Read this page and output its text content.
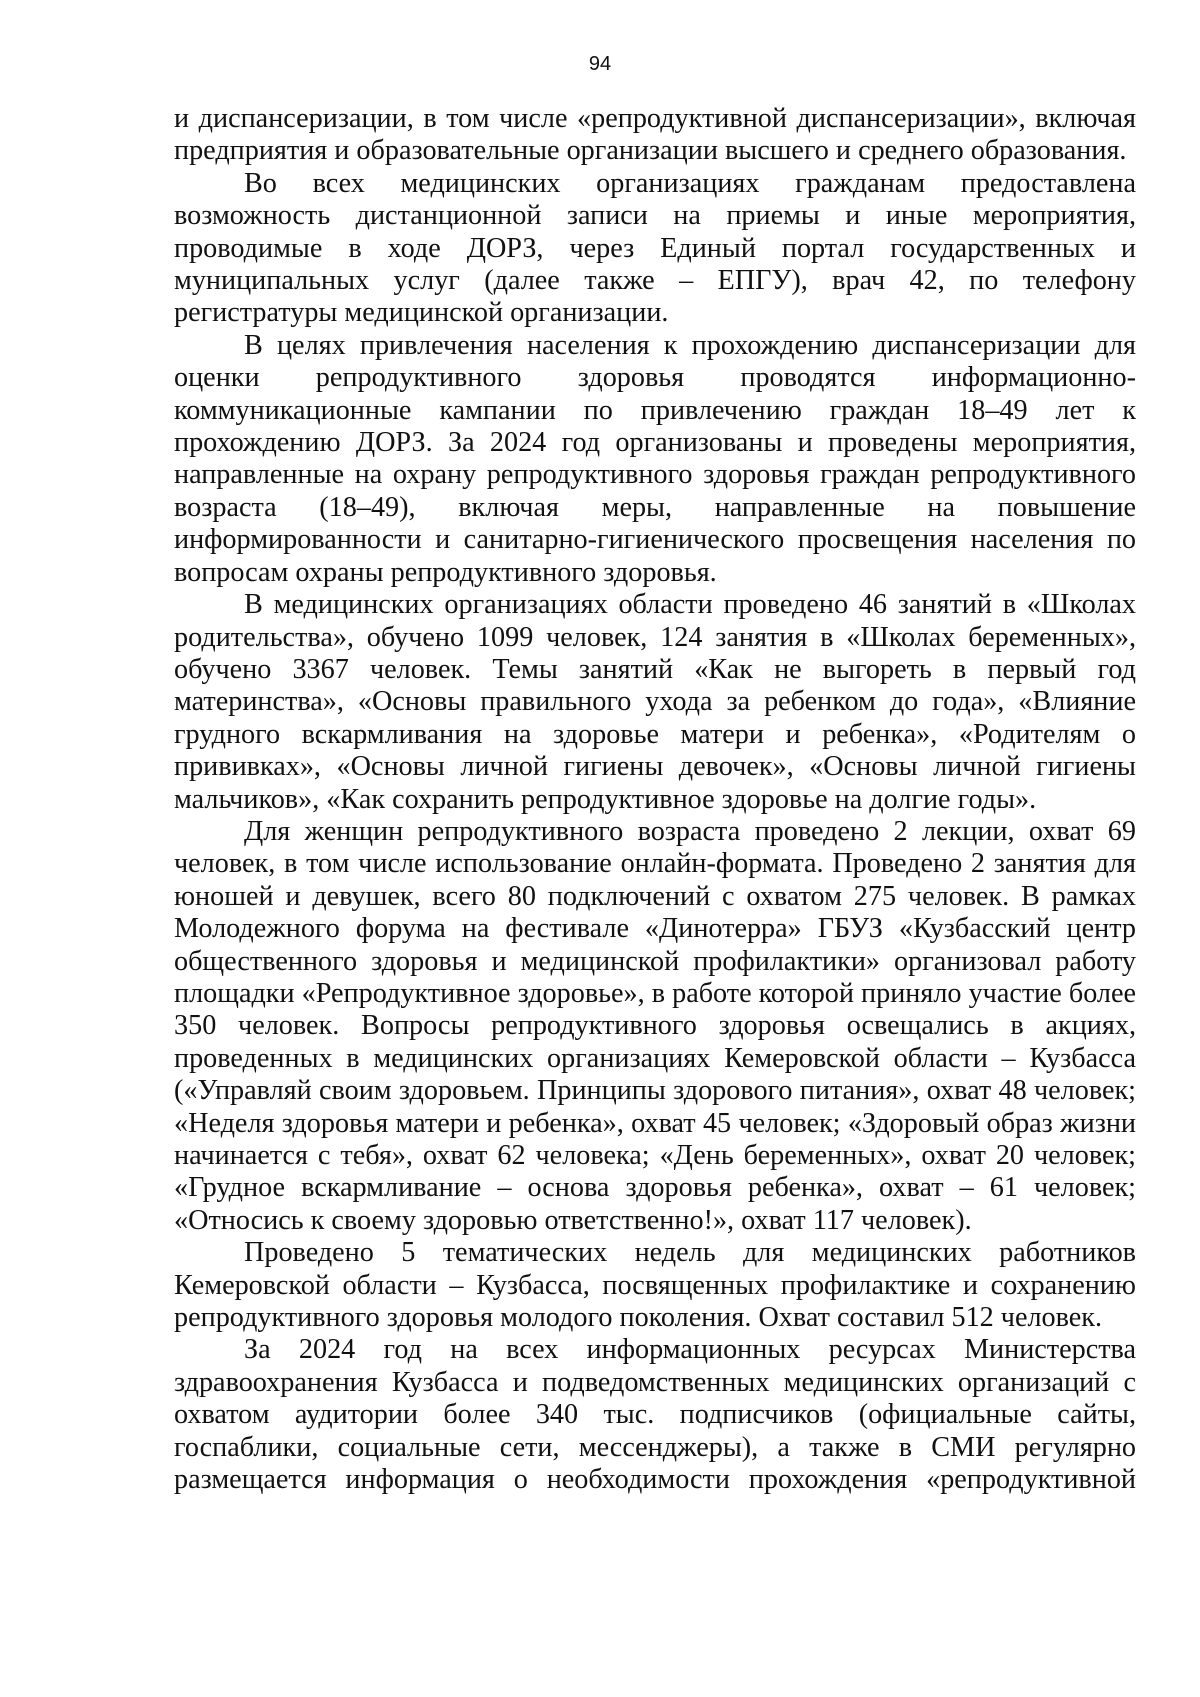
94

и диспансеризации, в том числе «репродуктивной диспансеризации», включая предприятия и образовательные организации высшего и среднего образования.

Во всех медицинских организациях гражданам предоставлена возможность дистанционной записи на приемы и иные мероприятия, проводимые в ходе ДОРЗ, через Единый портал государственных и муниципальных услуг (далее также – ЕПГУ), врач 42, по телефону регистратуры медицинской организации.

В целях привлечения населения к прохождению диспансеризации для оценки репродуктивного здоровья проводятся информационно-коммуникационные кампании по привлечению граждан 18–49 лет к прохождению ДОРЗ. За 2024 год организованы и проведены мероприятия, направленные на охрану репродуктивного здоровья граждан репродуктивного возраста (18–49), включая меры, направленные на повышение информированности и санитарно-гигиенического просвещения населения по вопросам охраны репродуктивного здоровья.

В медицинских организациях области проведено 46 занятий в «Школах родительства», обучено 1099 человек, 124 занятия в «Школах беременных», обучено 3367 человек. Темы занятий «Как не выгореть в первый год материнства», «Основы правильного ухода за ребенком до года», «Влияние грудного вскармливания на здоровье матери и ребенка», «Родителям о прививках», «Основы личной гигиены девочек», «Основы личной гигиены мальчиков», «Как сохранить репродуктивное здоровье на долгие годы».

Для женщин репродуктивного возраста проведено 2 лекции, охват 69 человек, в том числе использование онлайн-формата. Проведено 2 занятия для юношей и девушек, всего 80 подключений с охватом 275 человек. В рамках Молодежного форума на фестивале «Динотерра» ГБУЗ «Кузбасский центр общественного здоровья и медицинской профилактики» организовал работу площадки «Репродуктивное здоровье», в работе которой приняло участие более 350 человек. Вопросы репродуктивного здоровья освещались в акциях, проведенных в медицинских организациях Кемеровской области – Кузбасса («Управляй своим здоровьем. Принципы здорового питания», охват 48 человек; «Неделя здоровья матери и ребенка», охват 45 человек; «Здоровый образ жизни начинается с тебя», охват 62 человека; «День беременных», охват 20 человек; «Грудное вскармливание – основа здоровья ребенка», охват – 61 человек; «Относись к своему здоровью ответственно!», охват 117 человек).

Проведено 5 тематических недель для медицинских работников Кемеровской области – Кузбасса, посвященных профилактике и сохранению репродуктивного здоровья молодого поколения. Охват составил 512 человек.

За 2024 год на всех информационных ресурсах Министерства здравоохранения Кузбасса и подведомственных медицинских организаций с охватом аудитории более 340 тыс. подписчиков (официальные сайты, госпаблики, социальные сети, мессенджеры), а также в СМИ регулярно размещается информация о необходимости прохождения «репродуктивной
